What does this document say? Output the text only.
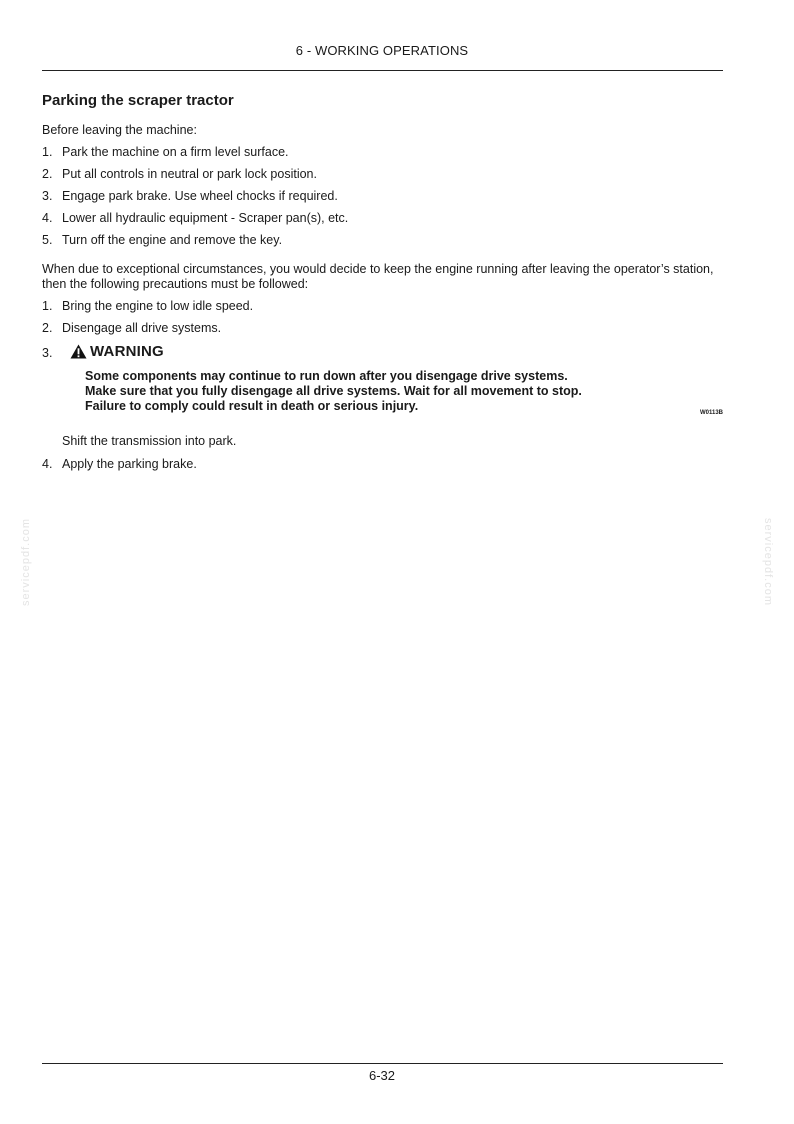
6 - WORKING OPERATIONS
Parking the scraper tractor

Before leaving the machine:

1. Park the machine on a firm level surface.
2. Put all controls in neutral or park lock position.
3. Engage park brake. Use wheel chocks if required.
4. Lower all hydraulic equipment - Scraper pan(s), etc.
5. Turn off the engine and remove the key.

When due to exceptional circumstances, you would decide to keep the engine running after leaving the operator’s station, then the following precautions must be followed:

1. Bring the engine to low idle speed.
2. Disengage all drive systems.
3.	WARNING
Some components may continue to run down after you disengage drive systems.
Make sure that you fully disengage all drive systems. Wait for all movement to stop.
Failure to comply could result in death or serious injury.	W0113B
Shift the transmission into park.
4. Apply the parking brake.
servicepdf.com	servicepdf.com
6-32
